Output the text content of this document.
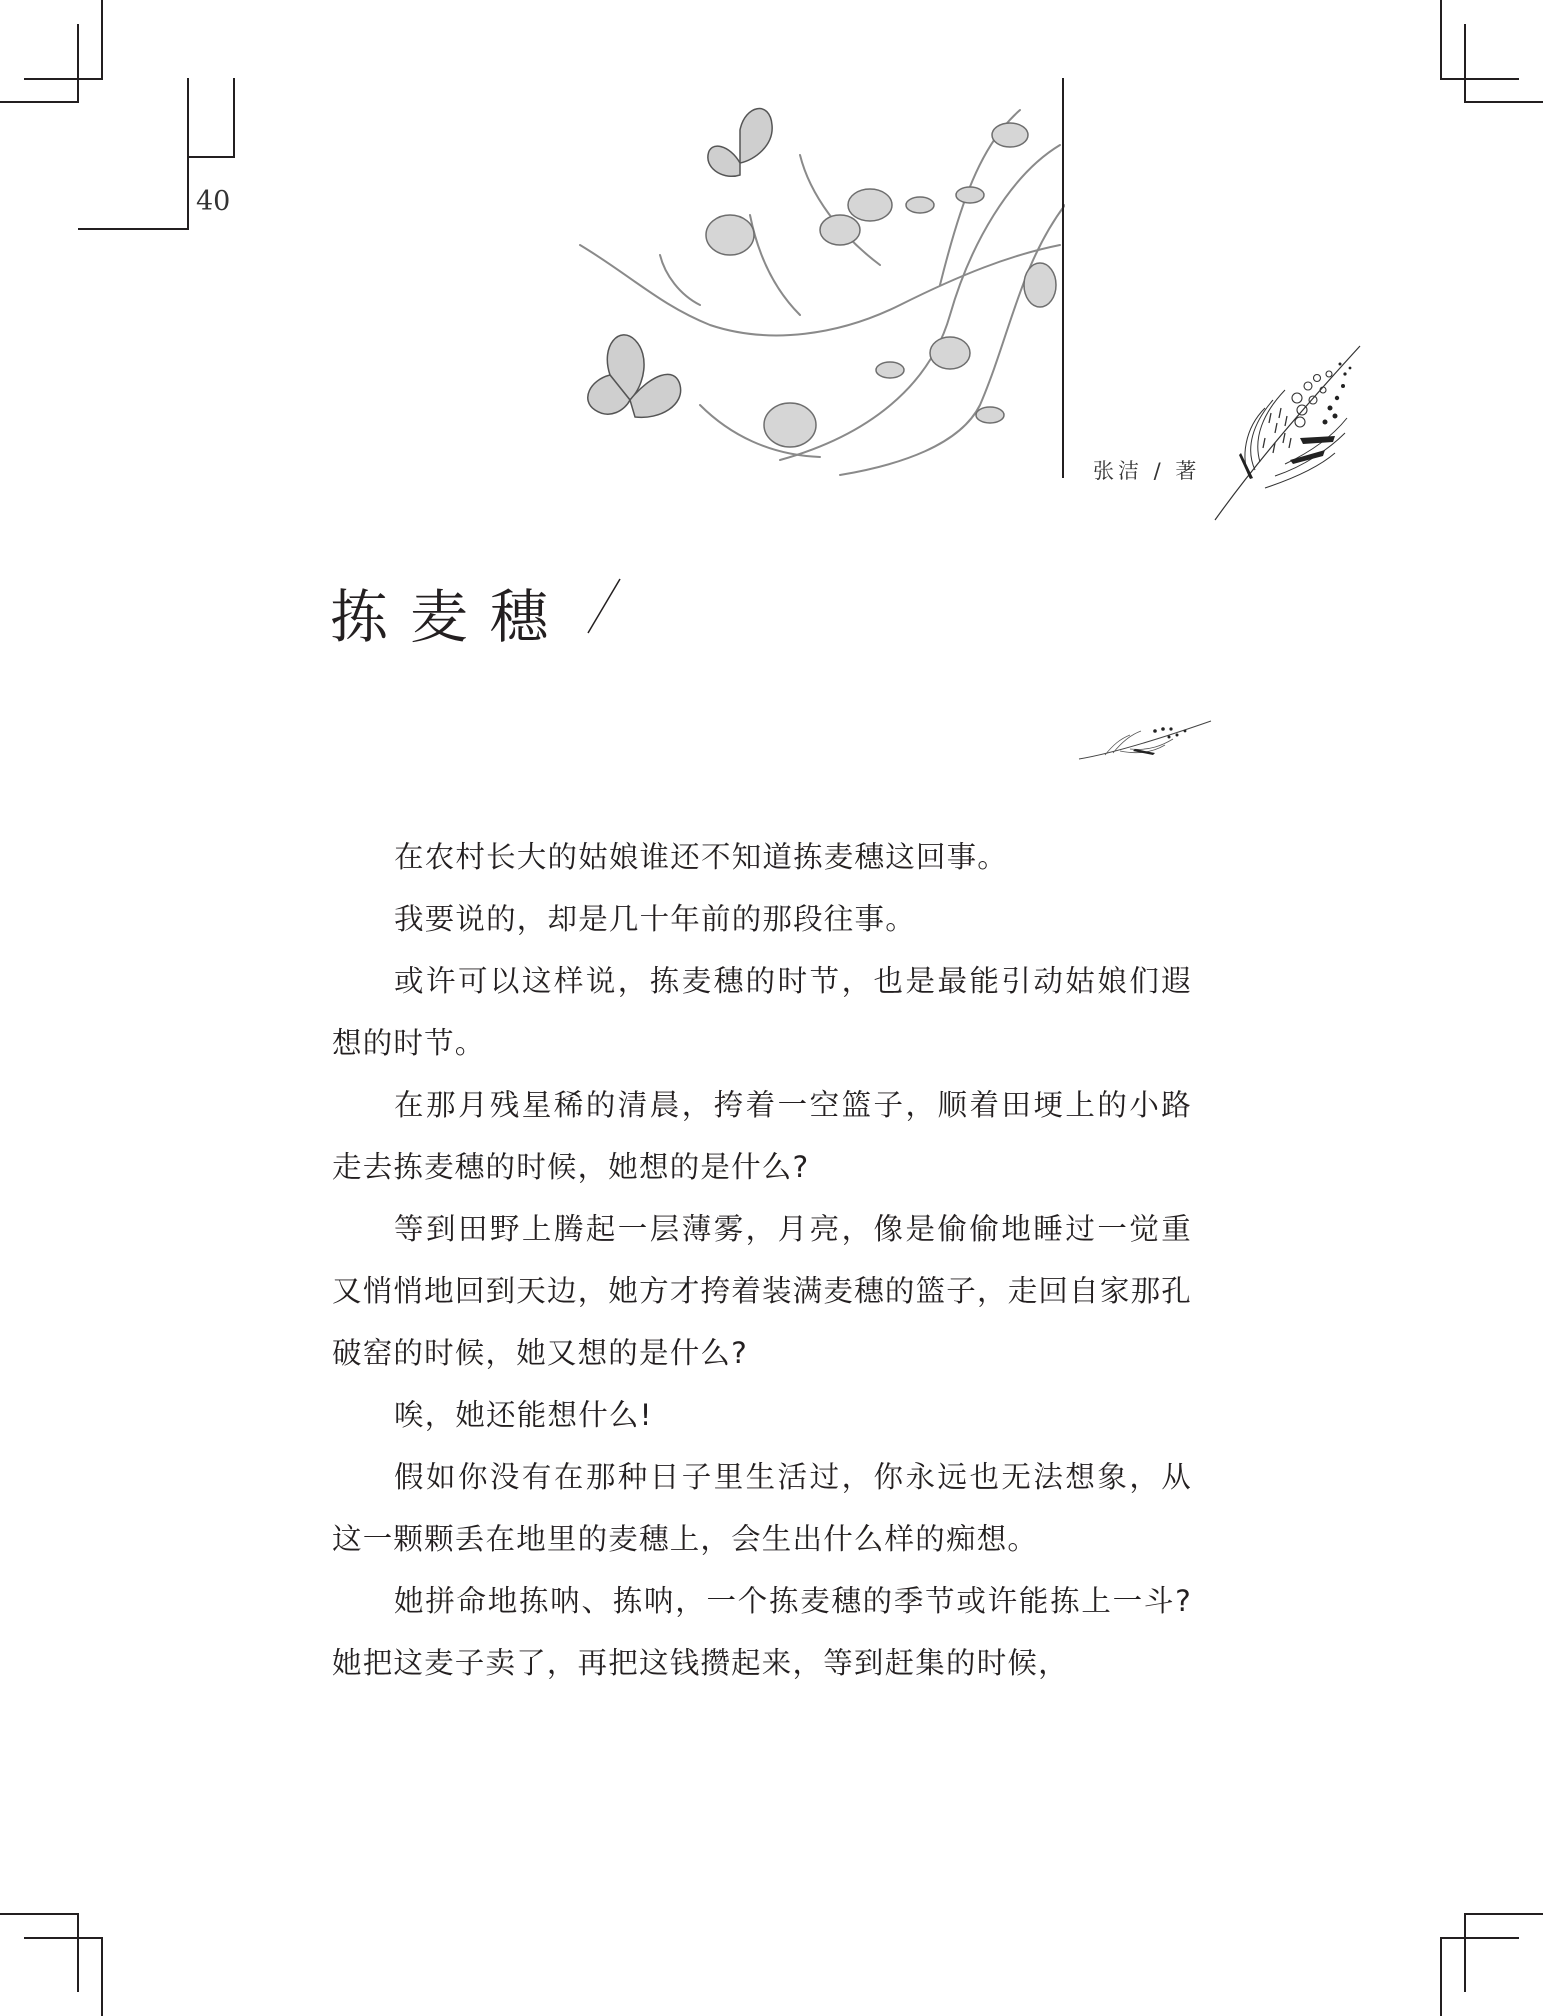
40
张洁 / 著
拣麦穗

在农村长大的姑娘谁还不知道拣麦穗这回事。

我要说的，却是几十年前的那段往事。

或许可以这样说，拣麦穗的时节，也是最能引动姑娘们遐想的时节。

在那月残星稀的清晨，挎着一空篮子，顺着田埂上的小路走去拣麦穗的时候，她想的是什么?

等到田野上腾起一层薄雾，月亮，像是偷偷地睡过一觉重又悄悄地回到天边，她方才挎着装满麦穗的篮子，走回自家那孔破窑的时候，她又想的是什么?

唉，她还能想什么!

假如你没有在那种日子里生活过，你永远也无法想象，从这一颗颗丢在地里的麦穗上，会生出什么样的痴想。

她拼命地拣呐、拣呐，一个拣麦穗的季节或许能拣上一斗? 她把这麦子卖了，再把这钱攒起来，等到赶集的时候，
